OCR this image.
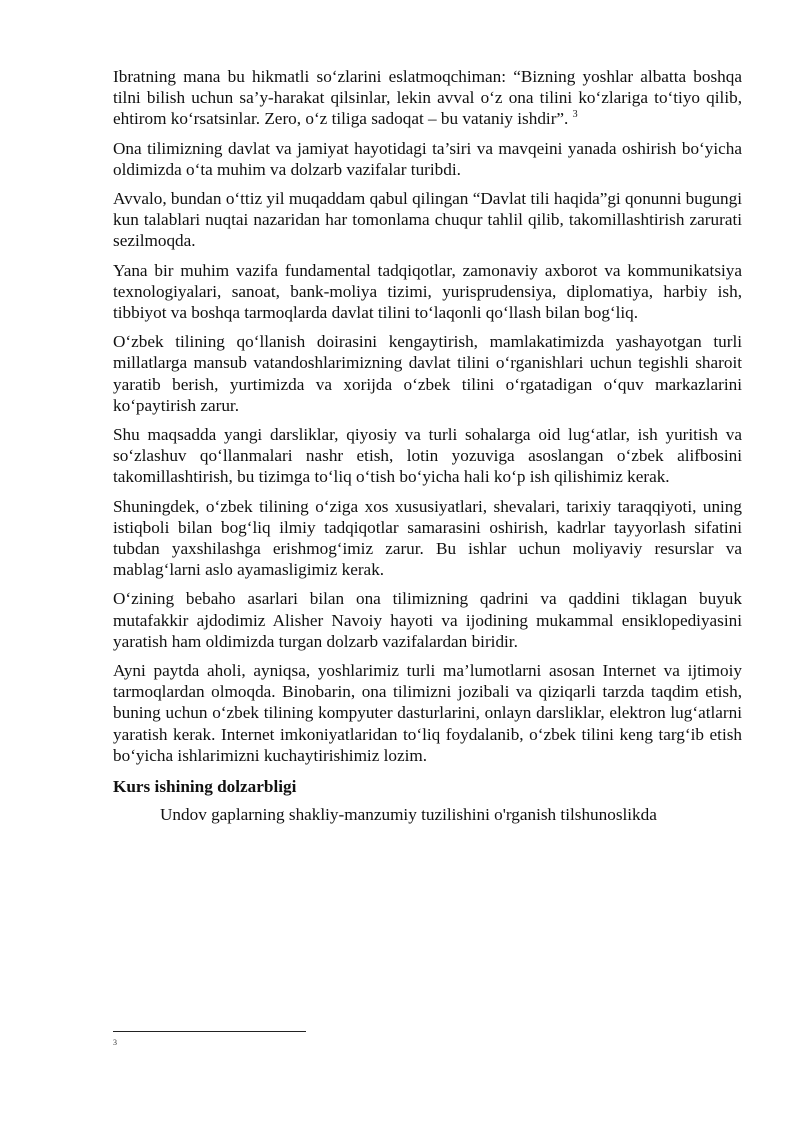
Ibratning mana bu hikmatli so‘zlarini eslatmoqchiman: “Bizning yoshlar albatta boshqa tilni bilish uchun sa’y-harakat qilsinlar, lekin avval o‘z ona tilini ko‘zlariga to‘tiyo qilib, ehtirom ko‘rsatsinlar. Zero, o‘z tiliga sadoqat – bu vataniy ishdir”. $^3$

Ona tilimizning davlat va jamiyat hayotidagi ta’siri va mavqeini yanada oshirish bo‘yicha oldimizda o‘ta muhim va dolzarb vazifalar turibdi.

Avvalo, bundan o‘ttiz yil muqaddam qabul qilingan “Davlat tili haqida”gi qonunni bugungi kun talablari nuqtai nazaridan har tomonlama chuqur tahlil qilib, takomillashtirish zarurati sezilmoqda.

Yana bir muhim vazifa fundamental tadqiqotlar, zamonaviy axborot va kommunikatsiya texnologiyalari, sanoat, bank-moliya tizimi, yurisprudensiya, diplomatiya, harbiy ish, tibbiyot va boshqa tarmoqlarda davlat tilini to‘laqonli qo‘llash bilan bog‘liq.

O‘zbek tilining qo‘llanish doirasini kengaytirish, mamlakatimizda yashayotgan turli millatlarga mansub vatandoshlarimizning davlat tilini o‘rganishlari uchun tegishli sharoit yaratib berish, yurtimizda va xorijda o‘zbek tilini o‘rgatadigan o‘quv markazlarini ko‘paytirish zarur.

Shu maqsadda yangi darsliklar, qiyosiy va turli sohalarga oid lug‘atlar, ish yuritish va so‘zlashuv qo‘llanmalari nashr etish, lotin yozuviga asoslangan o‘zbek alifbosini takomillashtirish, bu tizimga to‘liq o‘tish bo‘yicha hali ko‘p ish qilishimiz kerak.

Shuningdek, o‘zbek tilining o‘ziga xos xususiyatlari, shevalari, tarixiy taraqqiyoti, uning istiqboli bilan bog‘liq ilmiy tadqiqotlar samarasini oshirish, kadrlar tayyorlash sifatini tubdan yaxshilashga erishmog‘imiz zarur. Bu ishlar uchun moliyaviy resurslar va mablag‘larni aslo ayamasligimiz kerak.

O‘zining bebaho asarlari bilan ona tilimizning qadrini va qaddini tiklagan buyuk mutafakkir ajdodimiz Alisher Navoiy hayoti va ijodining mukammal ensiklopediyasini yaratish ham oldimizda turgan dolzarb vazifalardan biridir.

Ayni paytda aholi, ayniqsa, yoshlarimiz turli ma’lumotlarni asosan Internet va ijtimoiy tarmoqlardan olmoqda. Binobarin, ona tilimizni jozibali va qiziqarli tarzda taqdim etish, buning uchun o‘zbek tilining kompyuter dasturlarini, onlayn darsliklar, elektron lug‘atlarni yaratish kerak. Internet imkoniyatlaridan to‘liq foydalanib, o‘zbek tilini keng targ‘ib etish bo‘yicha ishlarimizni kuchaytirishimiz lozim.

Kurs ishining dolzarbligi

Undov gaplarning shakliy-manzumiy tuzilishini o'rganish tilshunoslikda

3
